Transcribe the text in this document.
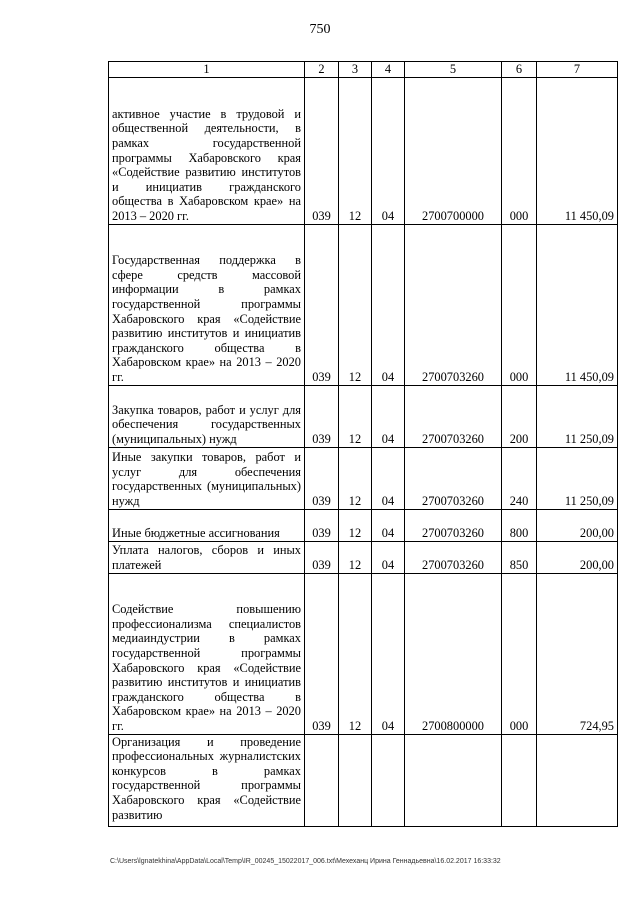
750
1	2	3	4	5	6	7
активное участие в трудовой и общественной деятельности, в рамках государственной программы Хабаровского края «Содействие развитию институтов и инициатив гражданского общества в Хабаровском крае» на 2013 – 2020 гг.	039	12	04	2700700000	000	11 450,09
Государственная поддержка в сфере средств массовой информации в рамках государственной программы Хабаровского края «Содействие развитию институтов и инициатив гражданского общества в Хабаровском крае» на 2013 – 2020 гг.	039	12	04	2700703260	000	11 450,09
Закупка товаров, работ и услуг для обеспечения государственных (муниципальных) нужд	039	12	04	2700703260	200	11 250,09
Иные закупки товаров, работ и услуг для обеспечения государственных (муниципальных) нужд	039	12	04	2700703260	240	11 250,09
Иные бюджетные ассигнования	039	12	04	2700703260	800	200,00
Уплата налогов, сборов и иных платежей	039	12	04	2700703260	850	200,00
Содействие повышению профессионализма специалистов медиаиндустрии в рамках государственной программы Хабаровского края «Содействие развитию институтов и инициатив гражданского общества в Хабаровском крае» на 2013 – 2020 гг.	039	12	04	2700800000	000	724,95
Организация и проведение профессиональных журналистских конкурсов в рамках государственной программы Хабаровского края «Содействие развитию						
C:\Users\lgnatekhina\AppData\Local\Temp\IR_00245_15022017_006.txt\Мехеханц Ирина Геннадьевна\16.02.2017 16:33:32
